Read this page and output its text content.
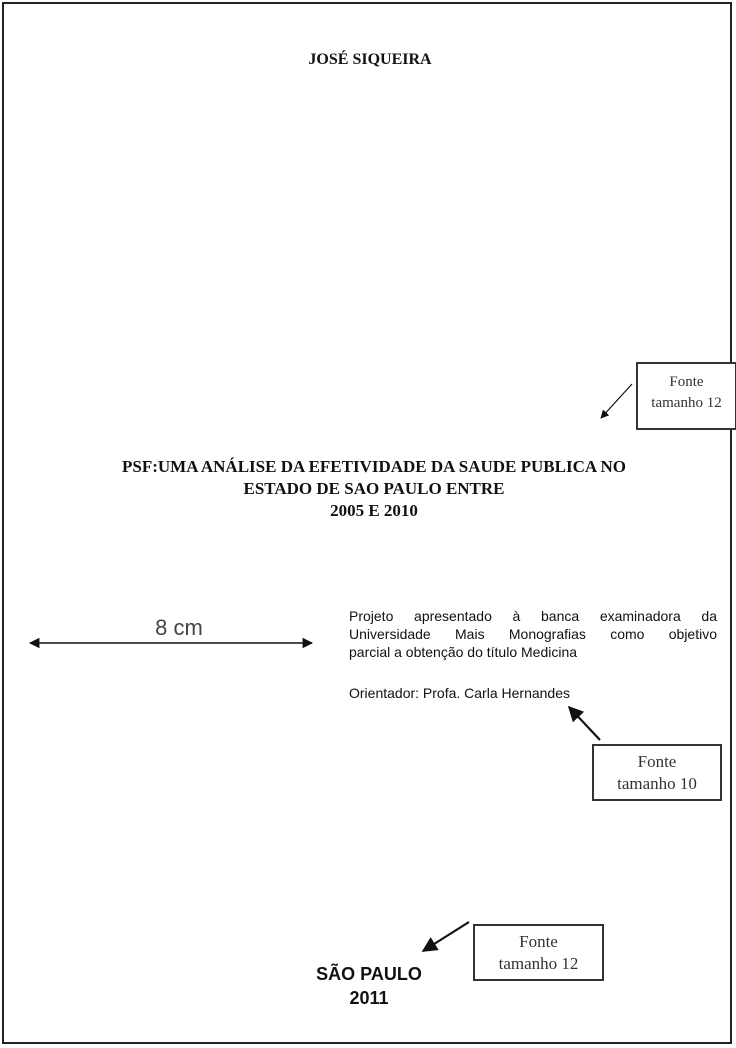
JOSÉ SIQUEIRA
Fonte
tamanho 12
PSF:UMA ANÁLISE DA EFETIVIDADE DA SAUDE PUBLICA NO
ESTADO DE SAO PAULO ENTRE
2005 E 2010
8 cm	Projeto apresentado à banca examinadora da
Universidade Mais Monografias como objetivo
parcial a obtenção do título Medicina
Orientador: Profa. Carla Hernandes
Fonte
tamanho 10
Fonte
tamanho 12
SÃO PAULO
2011
